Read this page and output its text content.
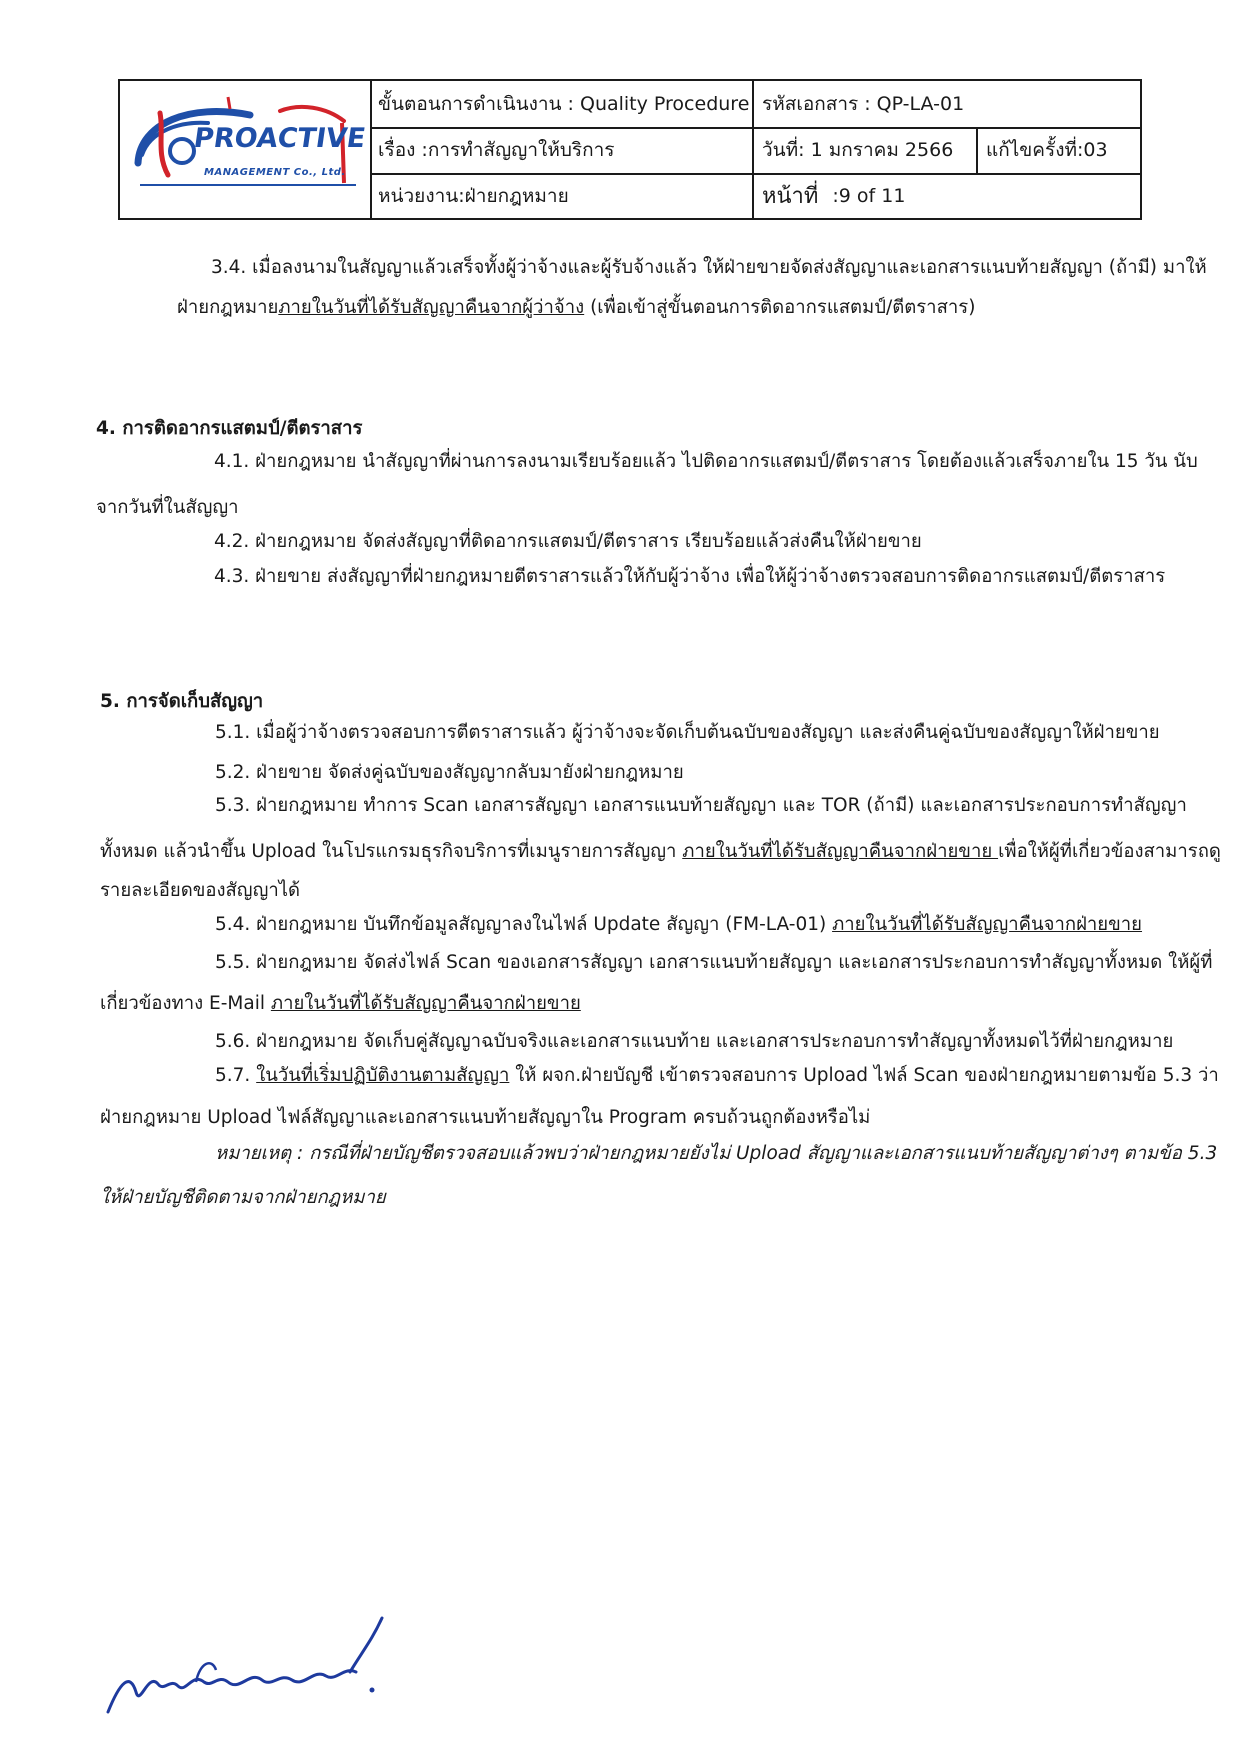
PROACTIVE
MANAGEMENT Co., Ltd.
ขั้นตอนการดำเนินงาน : Quality Procedure รหัสเอกสาร : QP-LA-01
เรื่อง :การทำสัญญาให้บริการ	วันที่: 1 มกราคม 2566	แก้ไขครั้งที่:03
หน่วยงาน:ฝ่ายกฎหมาย	หน้าที่ :9 of 11
3.4. เมื่อลงนามในสัญญาแล้วเสร็จทั้งผู้ว่าจ้างและผู้รับจ้างแล้ว ให้ฝ่ายขายจัดส่งสัญญาและเอกสารแนบท้ายสัญญา (ถ้ามี) มาให้
ฝ่ายกฎหมายภายในวันที่ได้รับสัญญาคืนจากผู้ว่าจ้าง (เพื่อเข้าสู่ขั้นตอนการติดอากรแสตมป์/ตีตราสาร)
4. การติดอากรแสตมป์/ตีตราสาร
4.1. ฝ่ายกฎหมาย นำสัญญาที่ผ่านการลงนามเรียบร้อยแล้ว ไปติดอากรแสตมป์/ตีตราสาร โดยต้องแล้วเสร็จภายใน 15 วัน นับ
จากวันที่ในสัญญา
4.2. ฝ่ายกฎหมาย จัดส่งสัญญาที่ติดอากรแสตมป์/ตีตราสาร เรียบร้อยแล้วส่งคืนให้ฝ่ายขาย
4.3. ฝ่ายขาย ส่งสัญญาที่ฝ่ายกฎหมายตีตราสารแล้วให้กับผู้ว่าจ้าง เพื่อให้ผู้ว่าจ้างตรวจสอบการติดอากรแสตมป์/ตีตราสาร
5. การจัดเก็บสัญญา
5.1. เมื่อผู้ว่าจ้างตรวจสอบการตีตราสารแล้ว ผู้ว่าจ้างจะจัดเก็บต้นฉบับของสัญญา และส่งคืนคู่ฉบับของสัญญาให้ฝ่ายขาย
5.2. ฝ่ายขาย จัดส่งคู่ฉบับของสัญญากลับมายังฝ่ายกฎหมาย
5.3. ฝ่ายกฎหมาย ทำการ Scan เอกสารสัญญา เอกสารแนบท้ายสัญญา และ TOR (ถ้ามี) และเอกสารประกอบการทำสัญญา
ทั้งหมด แล้วนำขึ้น Upload ในโปรแกรมธุรกิจบริการที่เมนูรายการสัญญา ภายในวันที่ได้รับสัญญาคืนจากฝ่ายขาย เพื่อให้ผู้ที่เกี่ยวข้องสามารถดู
รายละเอียดของสัญญาได้
5.4. ฝ่ายกฎหมาย บันทึกข้อมูลสัญญาลงในไฟล์ Update สัญญา (FM-LA-01) ภายในวันที่ได้รับสัญญาคืนจากฝ่ายขาย
5.5. ฝ่ายกฎหมาย จัดส่งไฟล์ Scan ของเอกสารสัญญา เอกสารแนบท้ายสัญญา และเอกสารประกอบการทำสัญญาทั้งหมด ให้ผู้ที่
เกี่ยวข้องทาง E-Mail ภายในวันที่ได้รับสัญญาคืนจากฝ่ายขาย
5.6. ฝ่ายกฎหมาย จัดเก็บคู่สัญญาฉบับจริงและเอกสารแนบท้าย และเอกสารประกอบการทำสัญญาทั้งหมดไว้ที่ฝ่ายกฎหมาย
5.7. ในวันที่เริ่มปฏิบัติงานตามสัญญา ให้ ผจก.ฝ่ายบัญชี เข้าตรวจสอบการ Upload ไฟล์ Scan ของฝ่ายกฎหมายตามข้อ 5.3 ว่า
ฝ่ายกฎหมาย Upload ไฟล์สัญญาและเอกสารแนบท้ายสัญญาใน Program ครบถ้วนถูกต้องหรือไม่
หมายเหตุ : กรณีที่ฝ่ายบัญชีตรวจสอบแล้วพบว่าฝ่ายกฎหมายยังไม่ Upload สัญญาและเอกสารแนบท้ายสัญญาต่างๆ ตามข้อ 5.3
ให้ฝ่ายบัญชีติดตามจากฝ่ายกฎหมาย
